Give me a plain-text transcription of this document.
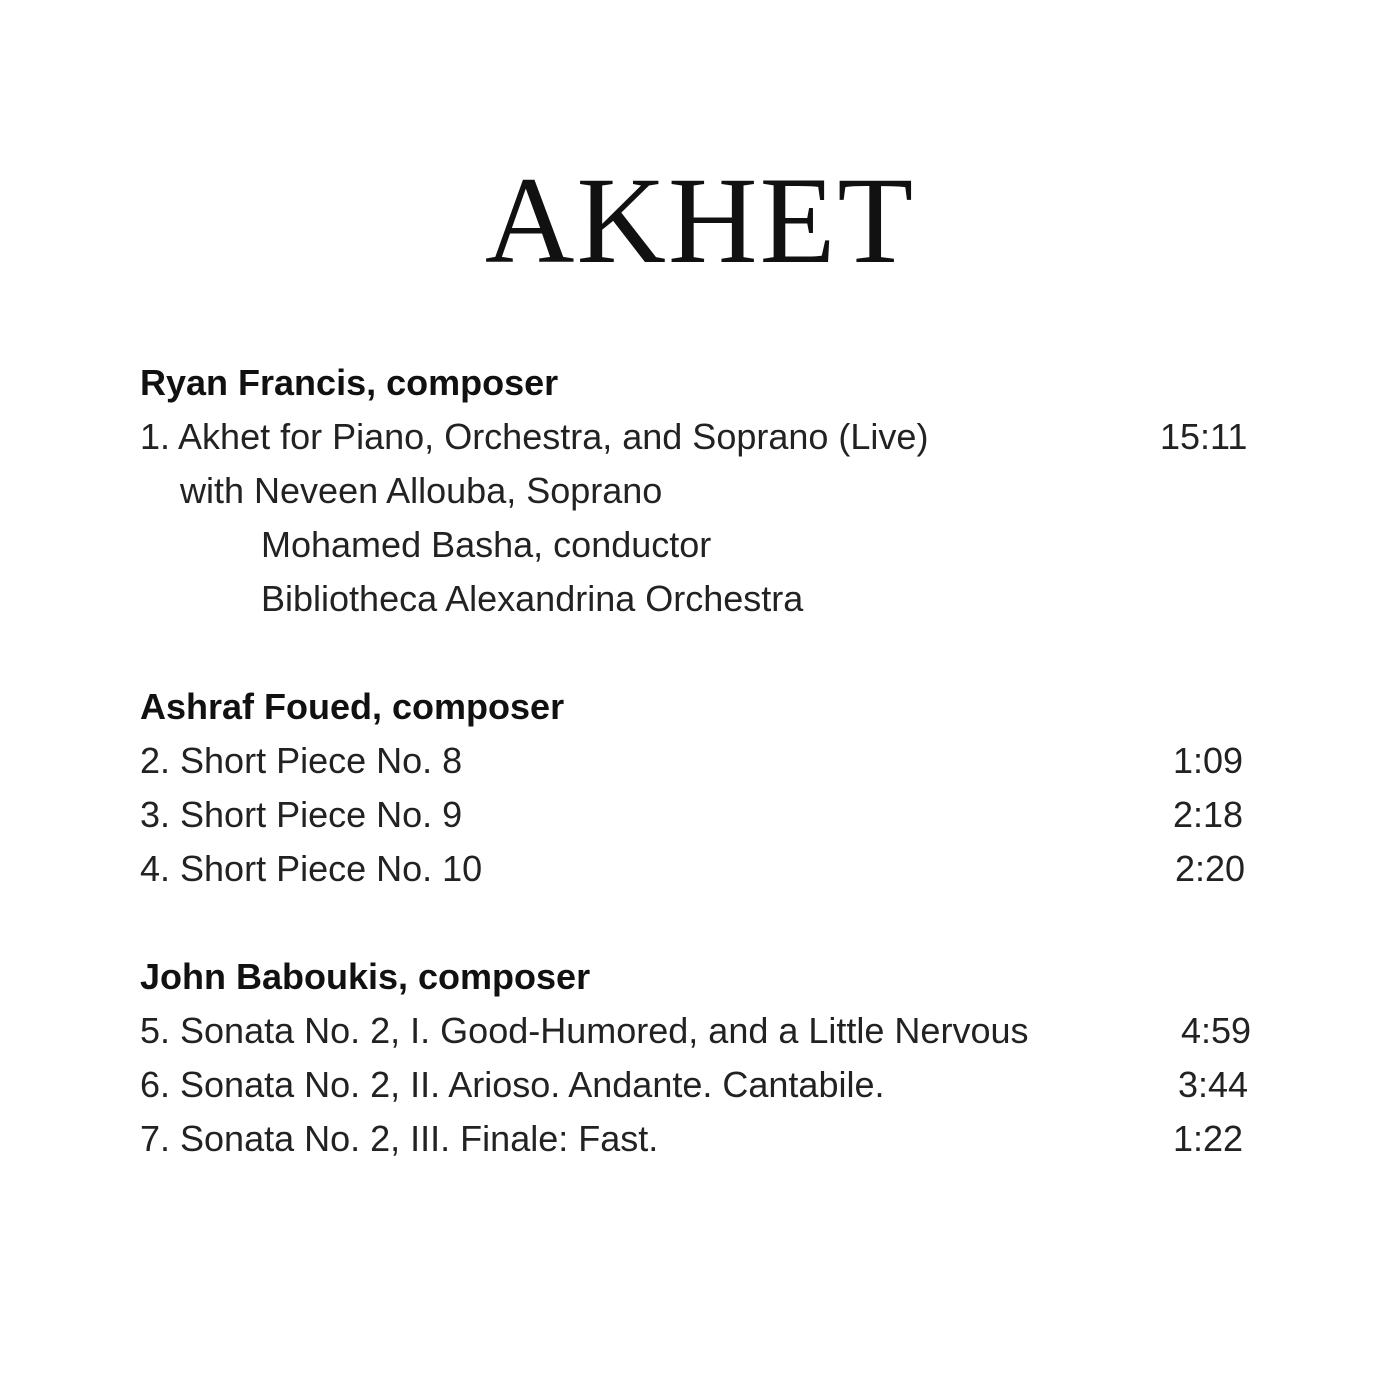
AKHET
Ryan Francis, composer
1. Akhet for Piano, Orchestra, and Soprano (Live)	15:11
with Neveen Allouba, Soprano
Mohamed Basha, conductor
Bibliotheca Alexandrina Orchestra
Ashraf Foued, composer
2. Short Piece No. 8	1:09
3. Short Piece No. 9	2:18
4. Short Piece No. 10	2:20
John Baboukis, composer
5. Sonata No. 2, I. Good-Humored, and a Little Nervous	4:59
6. Sonata No. 2, II. Arioso. Andante. Cantabile.	3:44
7. Sonata No. 2, III. Finale: Fast.	1:22
